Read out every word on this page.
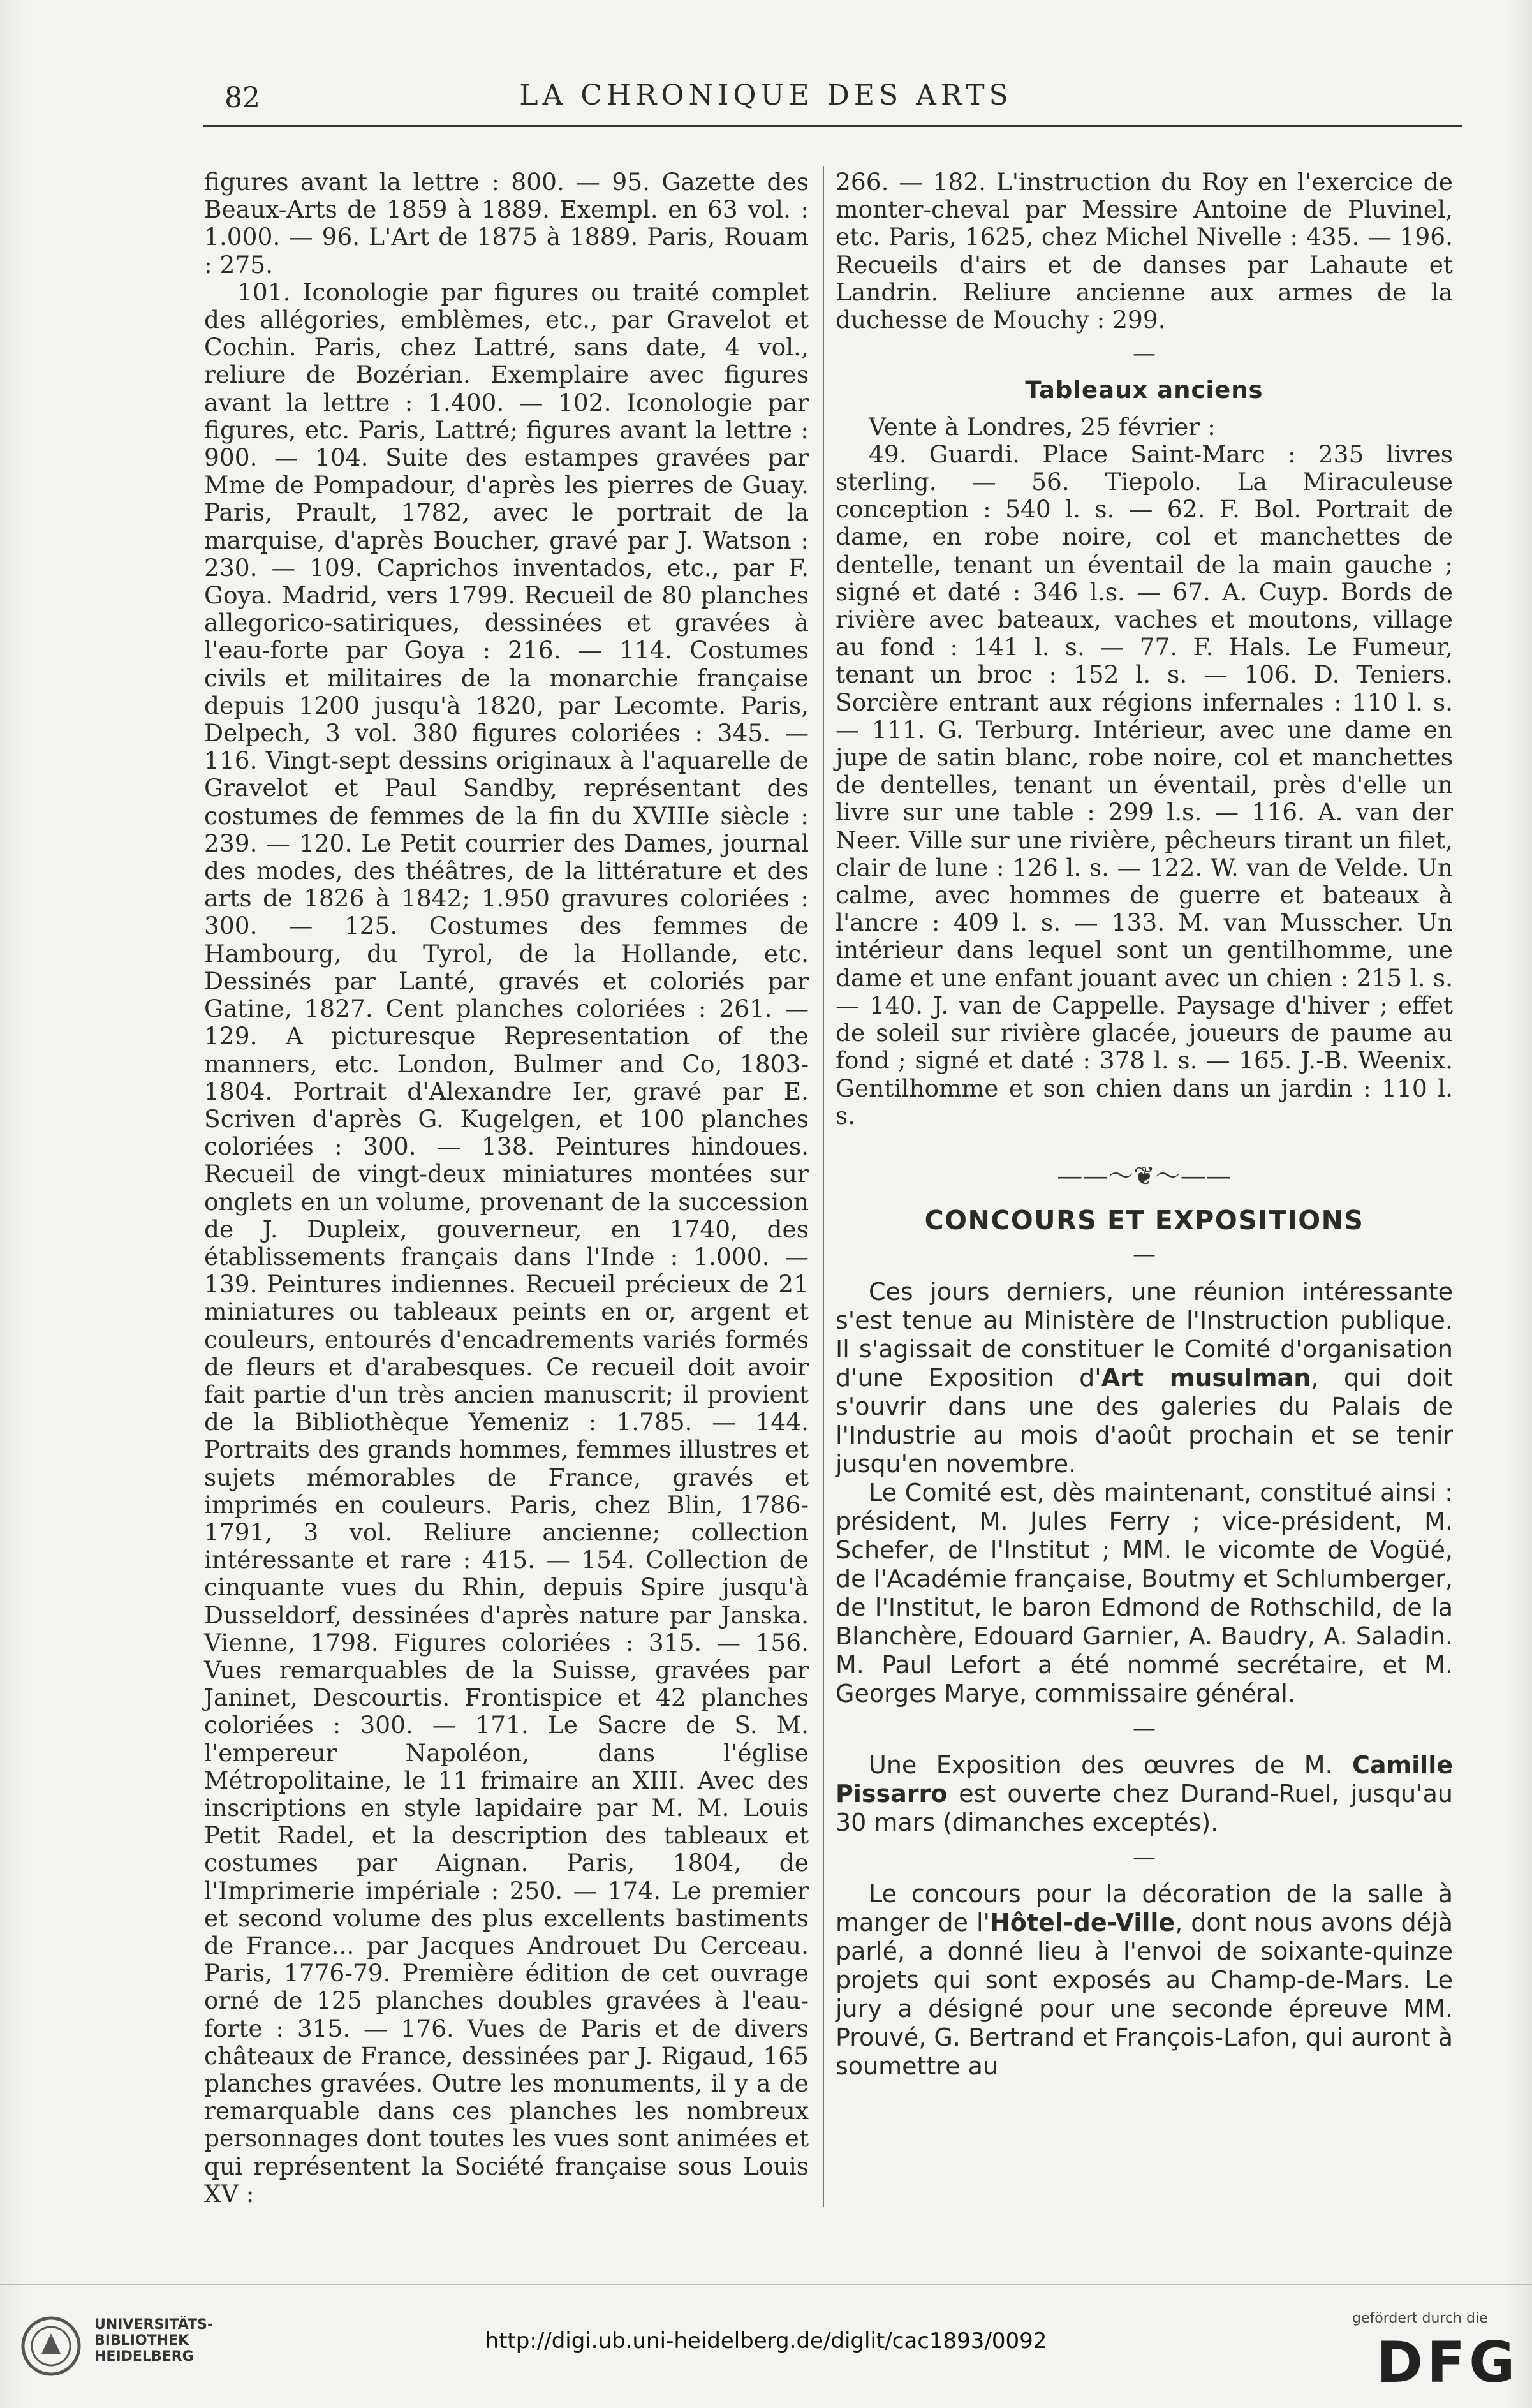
82	LA CHRONIQUE DES ARTS

figures avant la lettre : 800. — 95. Gazette des Beaux-Arts de 1859 à 1889. Exempl. en 63 vol. : 1.000. — 96. L'Art de 1875 à 1889. Paris, Rouam : 275.

101. Iconologie par figures ou traité complet des allégories, emblèmes, etc., par Gravelot et Cochin. Paris, chez Lattré, sans date, 4 vol., reliure de Bozérian. Exemplaire avec figures avant la lettre : 1.400. — 102. Iconologie par figures, etc. Paris, Lattré; figures avant la lettre : 900. — 104. Suite des estampes gravées par Mme de Pompadour, d'après les pierres de Guay. Paris, Prault, 1782, avec le portrait de la marquise, d'après Boucher, gravé par J. Watson : 230. — 109. Caprichos inventados, etc., par F. Goya. Madrid, vers 1799. Recueil de 80 planches allegorico-satiriques, dessinées et gravées à l'eau-forte par Goya : 216. — 114. Costumes civils et militaires de la monarchie française depuis 1200 jusqu'à 1820, par Lecomte. Paris, Delpech, 3 vol. 380 figures coloriées : 345. — 116. Vingt-sept dessins originaux à l'aquarelle de Gravelot et Paul Sandby, représentant des costumes de femmes de la fin du XVIIIe siècle : 239. — 120. Le Petit courrier des Dames, journal des modes, des théâtres, de la littérature et des arts de 1826 à 1842; 1.950 gravures coloriées : 300. — 125. Costumes des femmes de Hambourg, du Tyrol, de la Hollande, etc. Dessinés par Lanté, gravés et coloriés par Gatine, 1827. Cent planches coloriées : 261. — 129. A picturesque Representation of the manners, etc. London, Bulmer and Co, 1803-1804. Portrait d'Alexandre Ier, gravé par E. Scriven d'après G. Kugelgen, et 100 planches coloriées : 300. — 138. Peintures hindoues. Recueil de vingt-deux miniatures montées sur onglets en un volume, provenant de la succession de J. Dupleix, gouverneur, en 1740, des établissements français dans l'Inde : 1.000. — 139. Peintures indiennes. Recueil précieux de 21 miniatures ou tableaux peints en or, argent et couleurs, entourés d'encadrements variés formés de fleurs et d'arabesques. Ce recueil doit avoir fait partie d'un très ancien manuscrit; il provient de la Bibliothèque Yemeniz : 1.785. — 144. Portraits des grands hommes, femmes illustres et sujets mémorables de France, gravés et imprimés en couleurs. Paris, chez Blin, 1786-1791, 3 vol. Reliure ancienne; collection intéressante et rare : 415. — 154. Collection de cinquante vues du Rhin, depuis Spire jusqu'à Dusseldorf, dessinées d'après nature par Janska. Vienne, 1798. Figures coloriées : 315. — 156. Vues remarquables de la Suisse, gravées par Janinet, Descourtis. Frontispice et 42 planches coloriées : 300. — 171. Le Sacre de S. M. l'empereur Napoléon, dans l'église Métropolitaine, le 11 frimaire an XIII. Avec des inscriptions en style lapidaire par M. M. Louis Petit Radel, et la description des tableaux et costumes par Aignan. Paris, 1804, de l'Imprimerie impériale : 250. — 174. Le premier et second volume des plus excellents bastiments de France... par Jacques Androuet Du Cerceau. Paris, 1776-79. Première édition de cet ouvrage orné de 125 planches doubles gravées à l'eau-forte : 315. — 176. Vues de Paris et de divers châteaux de France, dessinées par J. Rigaud, 165 planches gravées. Outre les monuments, il y a de remarquable dans ces planches les nombreux personnages dont toutes les vues sont animées et qui représentent la Société française sous Louis XV :

266. — 182. L'instruction du Roy en l'exercice de monter-cheval par Messire Antoine de Pluvinel, etc. Paris, 1625, chez Michel Nivelle : 435. — 196. Recueils d'airs et de danses par Lahaute et Landrin. Reliure ancienne aux armes de la duchesse de Mouchy : 299.

—
Tableaux anciens

Vente à Londres, 25 février :

49. Guardi. Place Saint-Marc : 235 livres sterling. — 56. Tiepolo. La Miraculeuse conception : 540 l. s. — 62. F. Bol. Portrait de dame, en robe noire, col et manchettes de dentelle, tenant un éventail de la main gauche ; signé et daté : 346 l.s. — 67. A. Cuyp. Bords de rivière avec bateaux, vaches et moutons, village au fond : 141 l. s. — 77. F. Hals. Le Fumeur, tenant un broc : 152 l. s. — 106. D. Teniers. Sorcière entrant aux régions infernales : 110 l. s. — 111. G. Terburg. Intérieur, avec une dame en jupe de satin blanc, robe noire, col et manchettes de dentelles, tenant un éventail, près d'elle un livre sur une table : 299 l.s. — 116. A. van der Neer. Ville sur une rivière, pêcheurs tirant un filet, clair de lune : 126 l. s. — 122. W. van de Velde. Un calme, avec hommes de guerre et bateaux à l'ancre : 409 l. s. — 133. M. van Musscher. Un intérieur dans lequel sont un gentilhomme, une dame et une enfant jouant avec un chien : 215 l. s. — 140. J. van de Cappelle. Paysage d'hiver ; effet de soleil sur rivière glacée, joueurs de paume au fond ; signé et daté : 378 l. s. — 165. J.-B. Weenix. Gentilhomme et son chien dans un jardin : 110 l. s.

——〜❦〜——
CONCOURS ET EXPOSITIONS
—

Ces jours derniers, une réunion intéressante s'est tenue au Ministère de l'Instruction publique. Il s'agissait de constituer le Comité d'organisation d'une Exposition d'Art musulman, qui doit s'ouvrir dans une des galeries du Palais de l'Industrie au mois d'août prochain et se tenir jusqu'en novembre.

Le Comité est, dès maintenant, constitué ainsi : président, M. Jules Ferry ; vice-président, M. Schefer, de l'Institut ; MM. le vicomte de Vogüé, de l'Académie française, Boutmy et Schlumberger, de l'Institut, le baron Edmond de Rothschild, de la Blanchère, Edouard Garnier, A. Baudry, A. Saladin. M. Paul Lefort a été nommé secrétaire, et M. Georges Marye, commissaire général.

—

Une Exposition des œuvres de M. Camille Pissarro est ouverte chez Durand-Ruel, jusqu'au 30 mars (dimanches exceptés).

—

Le concours pour la décoration de la salle à manger de l'Hôtel-de-Ville, dont nous avons déjà parlé, a donné lieu à l'envoi de soixante-quinze projets qui sont exposés au Champ-de-Mars. Le jury a désigné pour une seconde épreuve MM. Prouvé, G. Bertrand et François-Lafon, qui auront à soumettre au

UNIVERSITÄTS-
BIBLIOTHEK
HEIDELBERG
http://digi.ub.uni-heidelberg.de/diglit/cac1893/0092
gefördert durch die
DFG
